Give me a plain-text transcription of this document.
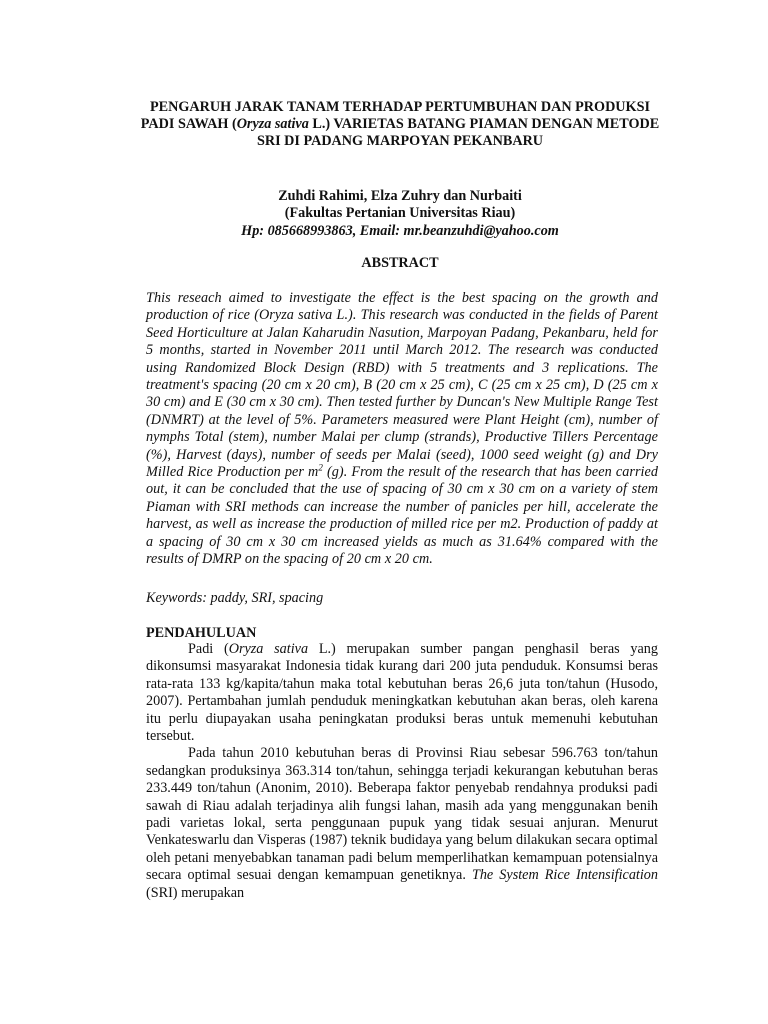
PENGARUH JARAK TANAM TERHADAP PERTUMBUHAN DAN PRODUKSI PADI SAWAH (Oryza sativa L.) VARIETAS BATANG PIAMAN DENGAN METODE SRI DI PADANG MARPOYAN PEKANBARU
Zuhdi Rahimi, Elza Zuhry dan Nurbaiti
(Fakultas Pertanian Universitas Riau)
Hp: 085668993863, Email: mr.beanzuhdi@yahoo.com
ABSTRACT
This reseach aimed to investigate the effect is the best spacing on the growth and production of rice (Oryza sativa L.). This research was conducted in the fields of Parent Seed Horticulture at Jalan Kaharudin Nasution, Marpoyan Padang, Pekanbaru, held for 5 months, started in November 2011 until March 2012. The research was conducted using Randomized Block Design (RBD) with 5 treatments and 3 replications. The treatment's spacing (20 cm x 20 cm), B (20 cm x 25 cm), C (25 cm x 25 cm), D (25 cm x 30 cm) and E (30 cm x 30 cm). Then tested further by Duncan's New Multiple Range Test (DNMRT) at the level of 5%. Parameters measured were Plant Height (cm), number of nymphs Total (stem), number Malai per clump (strands), Productive Tillers Percentage (%), Harvest (days), number of seeds per Malai (seed), 1000 seed weight (g) and Dry Milled Rice Production per $m^2$ (g). From the result of the research that has been carried out, it can be concluded that the use of spacing of 30 cm x 30 cm on a variety of stem Piaman with SRI methods can increase the number of panicles per hill, accelerate the harvest, as well as increase the production of milled rice per m2. Production of paddy at a spacing of 30 cm x 30 cm increased yields as much as 31.64% compared with the results of DMRP on the spacing of 20 cm x 20 cm.
Keywords: paddy, SRI, spacing
PENDAHULUAN

Padi (Oryza sativa L.) merupakan sumber pangan penghasil beras yang dikonsumsi masyarakat Indonesia tidak kurang dari 200 juta penduduk. Konsumsi beras rata-rata 133 kg/kapita/tahun maka total kebutuhan beras 26,6 juta ton/tahun (Husodo, 2007). Pertambahan jumlah penduduk meningkatkan kebutuhan akan beras, oleh karena itu perlu diupayakan usaha peningkatan produksi beras untuk memenuhi kebutuhan tersebut.

Pada tahun 2010 kebutuhan beras di Provinsi Riau sebesar 596.763 ton/tahun sedangkan produksinya 363.314 ton/tahun, sehingga terjadi kekurangan kebutuhan beras 233.449 ton/tahun (Anonim, 2010). Beberapa faktor penyebab rendahnya produksi padi sawah di Riau adalah terjadinya alih fungsi lahan, masih ada yang menggunakan benih padi varietas lokal, serta penggunaan pupuk yang tidak sesuai anjuran. Menurut Venkateswarlu dan Visperas (1987) teknik budidaya yang belum dilakukan secara optimal oleh petani menyebabkan tanaman padi belum memperlihatkan kemampuan potensialnya secara optimal sesuai dengan kemampuan genetiknya. The System Rice Intensification (SRI) merupakan
